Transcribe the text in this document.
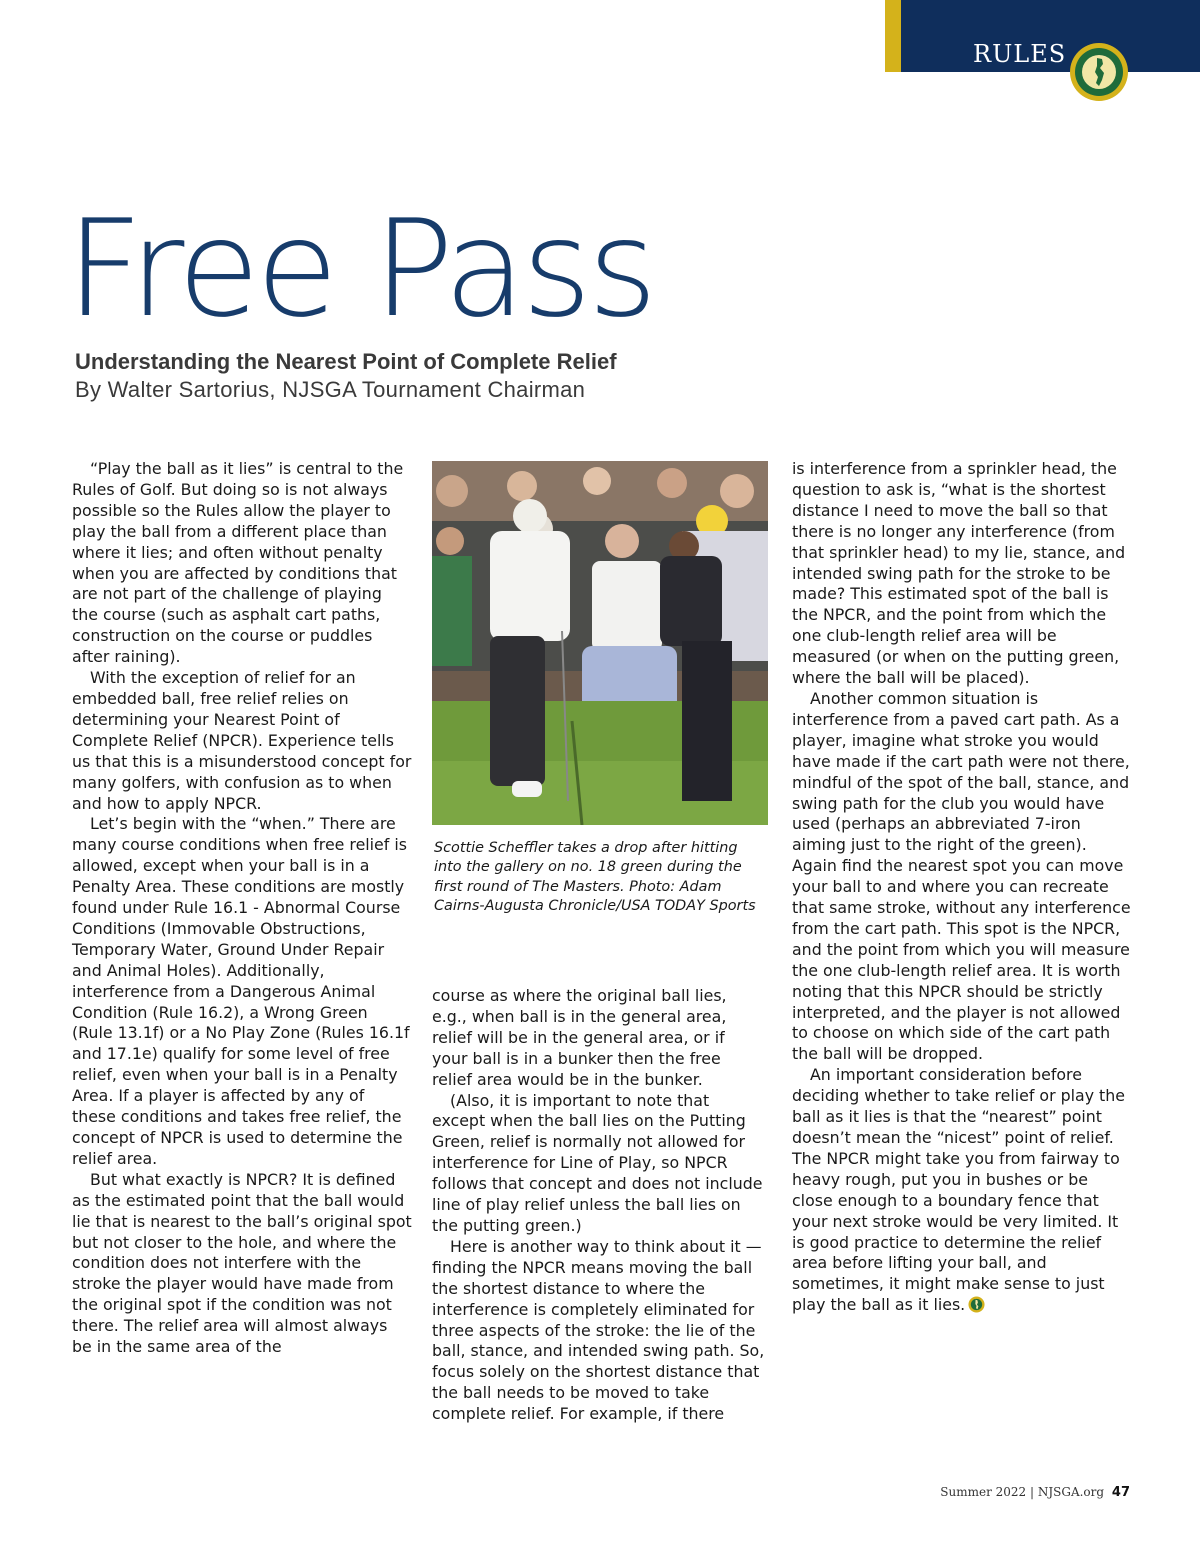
RULES
Free Pass
Understanding the Nearest Point of Complete Relief
By Walter Sartorius, NJSGA Tournament Chairman

“Play the ball as it lies” is central to the Rules of Golf. But doing so is not always possible so the Rules allow the player to play the ball from a different place than where it lies; and often without penalty when you are affected by conditions that are not part of the challenge of playing the course (such as asphalt cart paths, construction on the course or puddles after raining).

With the exception of relief for an embedded ball, free relief relies on determining your Nearest Point of Complete Relief (NPCR). Experience tells us that this is a misunderstood concept for many golfers, with confusion as to when and how to apply NPCR.

Let’s begin with the “when.” There are many course conditions when free relief is allowed, except when your ball is in a Penalty Area. These conditions are mostly found under Rule 16.1 - Abnormal Course Conditions (Immovable Obstructions, Temporary Water, Ground Under Repair and Animal Holes). Additionally, interference from a Dangerous Animal Condition (Rule 16.2), a Wrong Green (Rule 13.1f) or a No Play Zone (Rules 16.1f and 17.1e) qualify for some level of free relief, even when your ball is in a Penalty Area. If a player is affected by any of these conditions and takes free relief, the concept of NPCR is used to determine the relief area.

But what exactly is NPCR? It is defined as the estimated point that the ball would lie that is nearest to the ball’s original spot but not closer to the hole, and where the condition does not interfere with the stroke the player would have made from the original spot if the condition was not there. The relief area will almost always be in the same area of the

Scottie Scheffler takes a drop after hitting into the gallery on no. 18 green during the first round of The Masters. Photo: Adam Cairns-Augusta Chronicle/USA TODAY Sports

course as where the original ball lies, e.g., when ball is in the general area, relief will be in the general area, or if your ball is in a bunker then the free relief area would be in the bunker.

(Also, it is important to note that except when the ball lies on the Putting Green, relief is normally not allowed for interference for Line of Play, so NPCR follows that concept and does not include line of play relief unless the ball lies on the putting green.)

Here is another way to think about it — finding the NPCR means moving the ball the shortest distance to where the interference is completely eliminated for three aspects of the stroke: the lie of the ball, stance, and intended swing path. So, focus solely on the shortest distance that the ball needs to be moved to take complete relief. For example, if there

is interference from a sprinkler head, the question to ask is, “what is the shortest distance I need to move the ball so that there is no longer any interference (from that sprinkler head) to my lie, stance, and intended swing path for the stroke to be made? This estimated spot of the ball is the NPCR, and the point from which the one club-length relief area will be measured (or when on the putting green, where the ball will be placed).

Another common situation is interference from a paved cart path. As a player, imagine what stroke you would have made if the cart path were not there, mindful of the spot of the ball, stance, and swing path for the club you would have used (perhaps an abbreviated 7-iron aiming just to the right of the green). Again find the nearest spot you can move your ball to and where you can recreate that same stroke, without any interference from the cart path. This spot is the NPCR, and the point from which you will measure the one club-length relief area. It is worth noting that this NPCR should be strictly interpreted, and the player is not allowed to choose on which side of the cart path the ball will be dropped.

An important consideration before deciding whether to take relief or play the ball as it lies is that the “nearest” point doesn’t mean the “nicest” point of relief. The NPCR might take you from fairway to heavy rough, put you in bushes or be close enough to a boundary fence that your next stroke would be very limited. It is good practice to determine the relief area before lifting your ball, and sometimes, it might make sense to just play the ball as it lies.

Summer 2022 | NJSGA.org 47
